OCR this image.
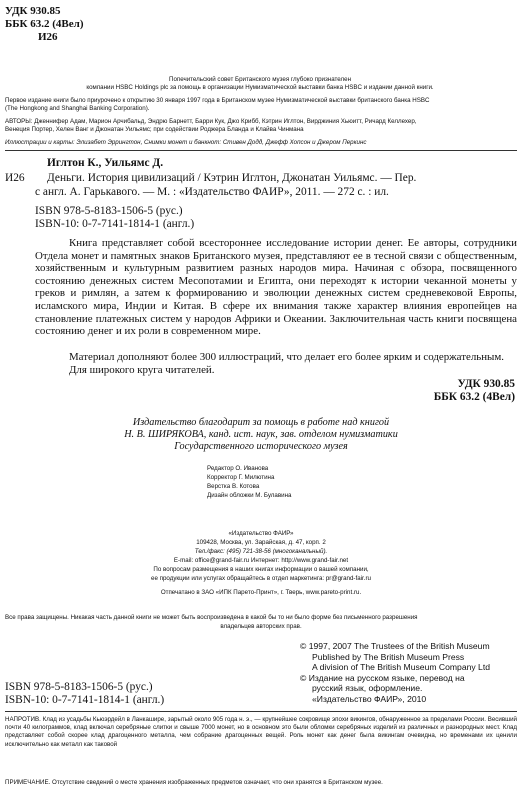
УДК 930.85
ББК 63.2 (4Вел)
И26
Попечительский совет Британского музея глубоко признателен
компании HSBC Holdings plc за помощь в организации Нумизматической выставки банка HSBC и издании данной книги.
Первое издание книги было приурочено к открытию 30 января 1997 года в Британском музее Нумизматической выставки британского банка HSBC
(The Hongkong and Shanghai Banking Corporation).
АВТОРЫ: Дженнифер Адам, Марион Арчибальд, Эндрю Барнетт, Барри Кук, Джо Крибб, Кэтрин Иглтон, Вирджиния Хьюитт, Ричард Келлехер,
Венеция Портер, Хелен Ванг и Джонатан Уильямс; при содействии Роджера Бланда и Клайва Чинмана
Иллюстрации и карты: Элизабет Эррингтон, Снимки монет и банкнот: Стивен Додд, Джефф Хопсон и Джером Перкинс
Иглтон К., Уильямс Д.
И26 Деньги. История цивилизаций / Кэтрин Иглтон, Джонатан Уильямс. — Пер.
с англ. А. Гарькавого. — М. : «Издательство ФАИР», 2011. — 272 с. : ил.
ISBN 978-5-8183-1506-5 (рус.)
ISBN-10: 0-7-7141-1814-1 (англ.)
Книга представляет собой всестороннее исследование истории денег. Ее авторы, сотрудники Отдела монет и памятных знаков Британского музея, представляют ее в тесной связи с общественным, хозяйственным и культурным развитием разных народов мира. Начиная с обзора, посвященного состоянию денежных систем Месопотамии и Египта, они переходят к истории чеканной монеты у греков и римлян, а затем к формированию и эволюции денежных систем средневековой Европы, исламского мира, Индии и Китая. В сфере их внимания также характер влияния европейцев на становление платежных систем у народов Африки и Океании. Заключительная часть книги посвящена состоянию денег и их роли в современном мире.
Материал дополняют более 300 иллюстраций, что делает его более ярким и содержательным.
Для широкого круга читателей.
УДК 930.85
ББК 63.2 (4Вел)
Издательство благодарит за помощь в работе над книгой
Н. В. ШИРЯКОВА, канд. ист. наук, зав. отделом нумизматики
Государственного исторического музея
Редактор О. Иванова
Корректор Г. Милютина
Верстка В. Котова
Дизайн обложки М. Булавина
«Издательство ФАИР»
109428, Москва, ул. Зарайская, д. 47, корп. 2
Тел./факс: (495) 721-38-56 (многоканальный).
E-mail: office@grand-fair.ru Интернет: http://www.grand-fair.net
По вопросам размещения в наших книгах информации о вашей компании,
ее продукции или услугах обращайтесь в отдел маркетинга: pr@grand-fair.ru
Отпечатано в ЗАО «ИПК Парето-Принт», г. Тверь, www.pareto-print.ru.
Все права защищены. Никакая часть данной книги не может быть воспроизведена в какой бы то ни было форме без письменного разрешения
владельцев авторских прав.
© 1997, 2007 The Trustees of the British Museum
Published by The British Museum Press
A division of The British Museum Company Ltd
© Издание на русском языке, перевод на
русский язык, оформление.
«Издательство ФАИР», 2010
ISBN 978-5-8183-1506-5 (рус.)
ISBN-10: 0-7-7141-1814-1 (англ.)
НАПРОТИВ. Клад из усадьбы Кьюэрдейл в Ланкашире, зарытый около 905 года н. э., — крупнейшее сокровище эпохи викингов, обнаруженное за пределами России. Весивший почти 40 килограммов, клад включал серебряные слитки и свыше 7000 монет, но в основном это были обломки серебряных изделий из различных и разнородных мест. Клад представляет собой скорее клад драгоценного металла, чем собрание драгоценных вещей. Роль монет как денег была викингам очевидна, но временами их ценили исключительно как металл как таковой
ПРИМЕЧАНИЕ. Отсутствие сведений о месте хранения изображенных предметов означает, что они хранятся в Британском музее.
